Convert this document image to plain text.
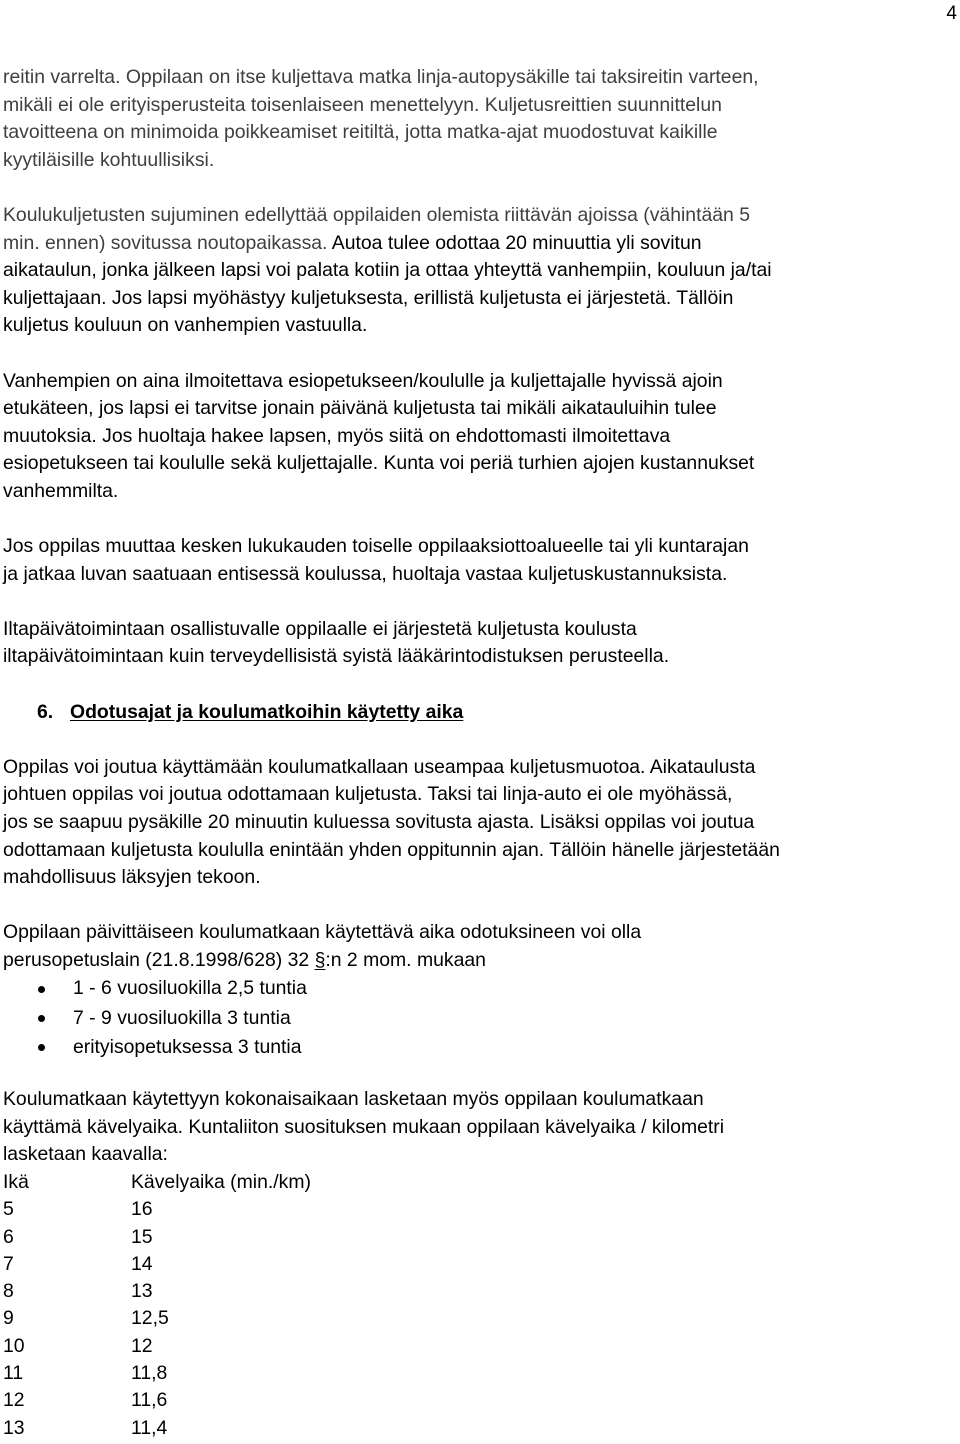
4
reitin varrelta. Oppilaan on itse kuljettava matka linja-autopysäkille tai taksireitin varteen,
mikäli ei ole erityisperusteita toisenlaiseen menettelyyn. Kuljetusreittien suunnittelun
tavoitteena on minimoida poikkeamiset reitiltä, jotta matka-ajat muodostuvat kaikille
kyytiläisille kohtuullisiksi.
Koulukuljetusten sujuminen edellyttää oppilaiden olemista riittävän ajoissa (vähintään 5
min. ennen) sovitussa noutopaikassa. Autoa tulee odottaa 20 minuuttia yli sovitun
aikataulun, jonka jälkeen lapsi voi palata kotiin ja ottaa yhteyttä vanhempiin, kouluun ja/tai
kuljettajaan. Jos lapsi myöhästyy kuljetuksesta, erillistä kuljetusta ei järjestetä. Tällöin
kuljetus kouluun on vanhempien vastuulla.
Vanhempien on aina ilmoitettava esiopetukseen/koululle ja kuljettajalle hyvissä ajoin
etukäteen, jos lapsi ei tarvitse jonain päivänä kuljetusta tai mikäli aikatauluihin tulee
muutoksia. Jos huoltaja hakee lapsen, myös siitä on ehdottomasti ilmoitettava
esiopetukseen tai koululle sekä kuljettajalle. Kunta voi periä turhien ajojen kustannukset
vanhemmilta.
Jos oppilas muuttaa kesken lukukauden toiselle oppilaaksiottoalueelle tai yli kuntarajan
ja jatkaa luvan saatuaan entisessä koulussa, huoltaja vastaa kuljetuskustannuksista.
Iltapäivätoimintaan osallistuvalle oppilaalle ei järjestetä kuljetusta koulusta
iltapäivätoimintaan kuin terveydellisistä syistä lääkärintodistuksen perusteella.
6. Odotusajat ja koulumatkoihin käytetty aika
Oppilas voi joutua käyttämään koulumatkallaan useampaa kuljetusmuotoa. Aikataulusta
johtuen oppilas voi joutua odottamaan kuljetusta. Taksi tai linja-auto ei ole myöhässä,
jos se saapuu pysäkille 20 minuutin kuluessa sovitusta ajasta. Lisäksi oppilas voi joutua
odottamaan kuljetusta koululla enintään yhden oppitunnin ajan. Tällöin hänelle järjestetään
mahdollisuus läksyjen tekoon.
Oppilaan päivittäiseen koulumatkaan käytettävä aika odotuksineen voi olla
perusopetuslain (21.8.1998/628) 32 §:n 2 mom. mukaan
1 - 6 vuosiluokilla 2,5 tuntia
7 - 9 vuosiluokilla 3 tuntia
erityisopetuksessa 3 tuntia
Koulumatkaan käytettyyn kokonaisaikaan lasketaan myös oppilaan koulumatkaan
käyttämä kävelyaika. Kuntaliiton suosituksen mukaan oppilaan kävelyaika / kilometri
lasketaan kaavalla:
Ikä	Kävelyaika (min./km)
5	16
6	15
7	14
8	13
9	12,5
10	12
11	11,8
12	11,6
13	11,4
